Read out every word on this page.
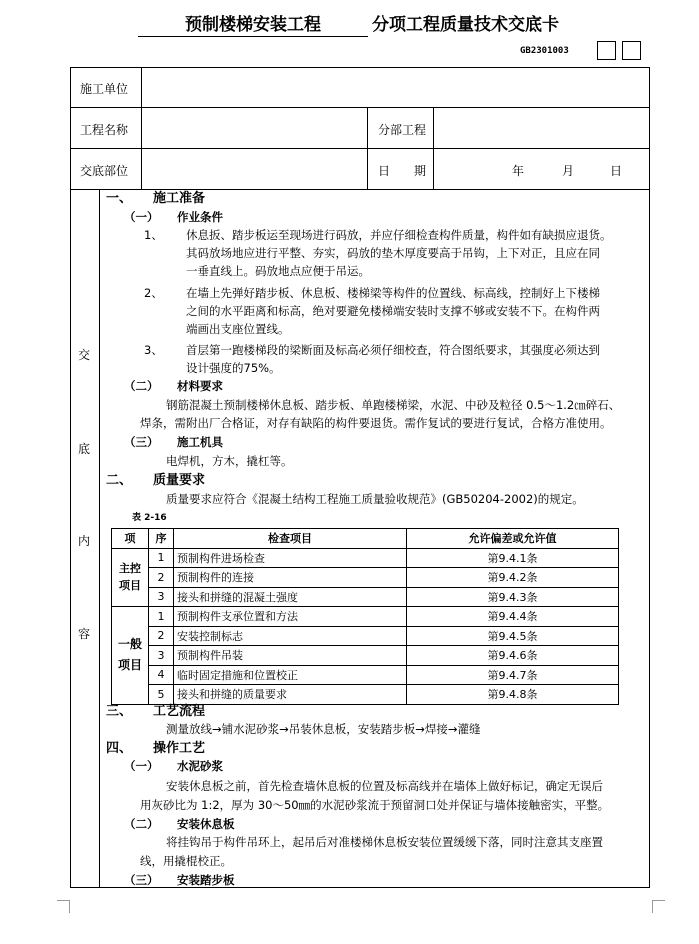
预制楼梯安装工程	分项工程质量技术交底卡
GB2301003
施工单位
工程名称	分部工程
交底部位	日　　期	年	月	日
交
底
内
容
一、 施工准备
（一） 作业条件
1、 休息扳、踏步板运至现场进行码放，并应仔细检查构件质量，构件如有缺损应退货。
其码放场地应进行平整、夯实，码放的垫木厚度要高于吊钩，上下对正，且应在同
一垂直线上。码放地点应便于吊运。
2、 在墙上先弹好踏步板、休息板、楼梯梁等构件的位置线、标高线，控制好上下楼梯
之间的水平距离和标高，绝对要避免楼梯端安装时支撑不够或安装不下。在构件两
端画出支座位置线。
3、 首层第一跑楼梯段的梁断面及标高必须仔细校查，符合图纸要求，其强度必须达到
设计强度的75%。
（二） 材料要求
钢筋混凝土预制楼梯休息板、踏步板、单跑楼梯梁，水泥、中砂及粒径 0.5～1.2㎝碎石、
焊条，需附出厂合格证，对存有缺陷的构件要退货。需作复试的要进行复试，合格方准使用。
（三） 施工机具
电焊机，方木，撬杠等。
二、 质量要求
质量要求应符合《混凝土结构工程施工质量验收规范》(GB50204-2002)的规定。
表 2-16
项	序	检查项目	允许偏差或允许值
主控项目	1	预制构件进场检查	第9.4.1条
	2	预制构件的连接	第9.4.2条
	3	接头和拼缝的混凝土强度	第9.4.3条
一般项目	1	预制构件支承位置和方法	第9.4.4条
	2	安装控制标志	第9.4.5条
	3	预制构件吊装	第9.4.6条
	4	临时固定措施和位置校正	第9.4.7条
	5	接头和拼缝的质量要求	第9.4.8条
三、 工艺流程
测量放线→铺水泥砂浆→吊装休息板，安装踏步板→焊接→灌缝
四、 操作工艺
（一） 水泥砂浆
安装休息板之前，首先检查墙休息板的位置及标高线并在墙体上做好标记，确定无误后
用灰砂比为 1:2，厚为 30～50㎜的水泥砂浆流于预留洞口处并保证与墙体接触密实，平整。
（二） 安装休息板
将挂钩吊于构件吊环上，起吊后对准楼梯休息板安装位置缓缓下落，同时注意其支座置
线，用撬棍校正。
（三） 安装踏步板
